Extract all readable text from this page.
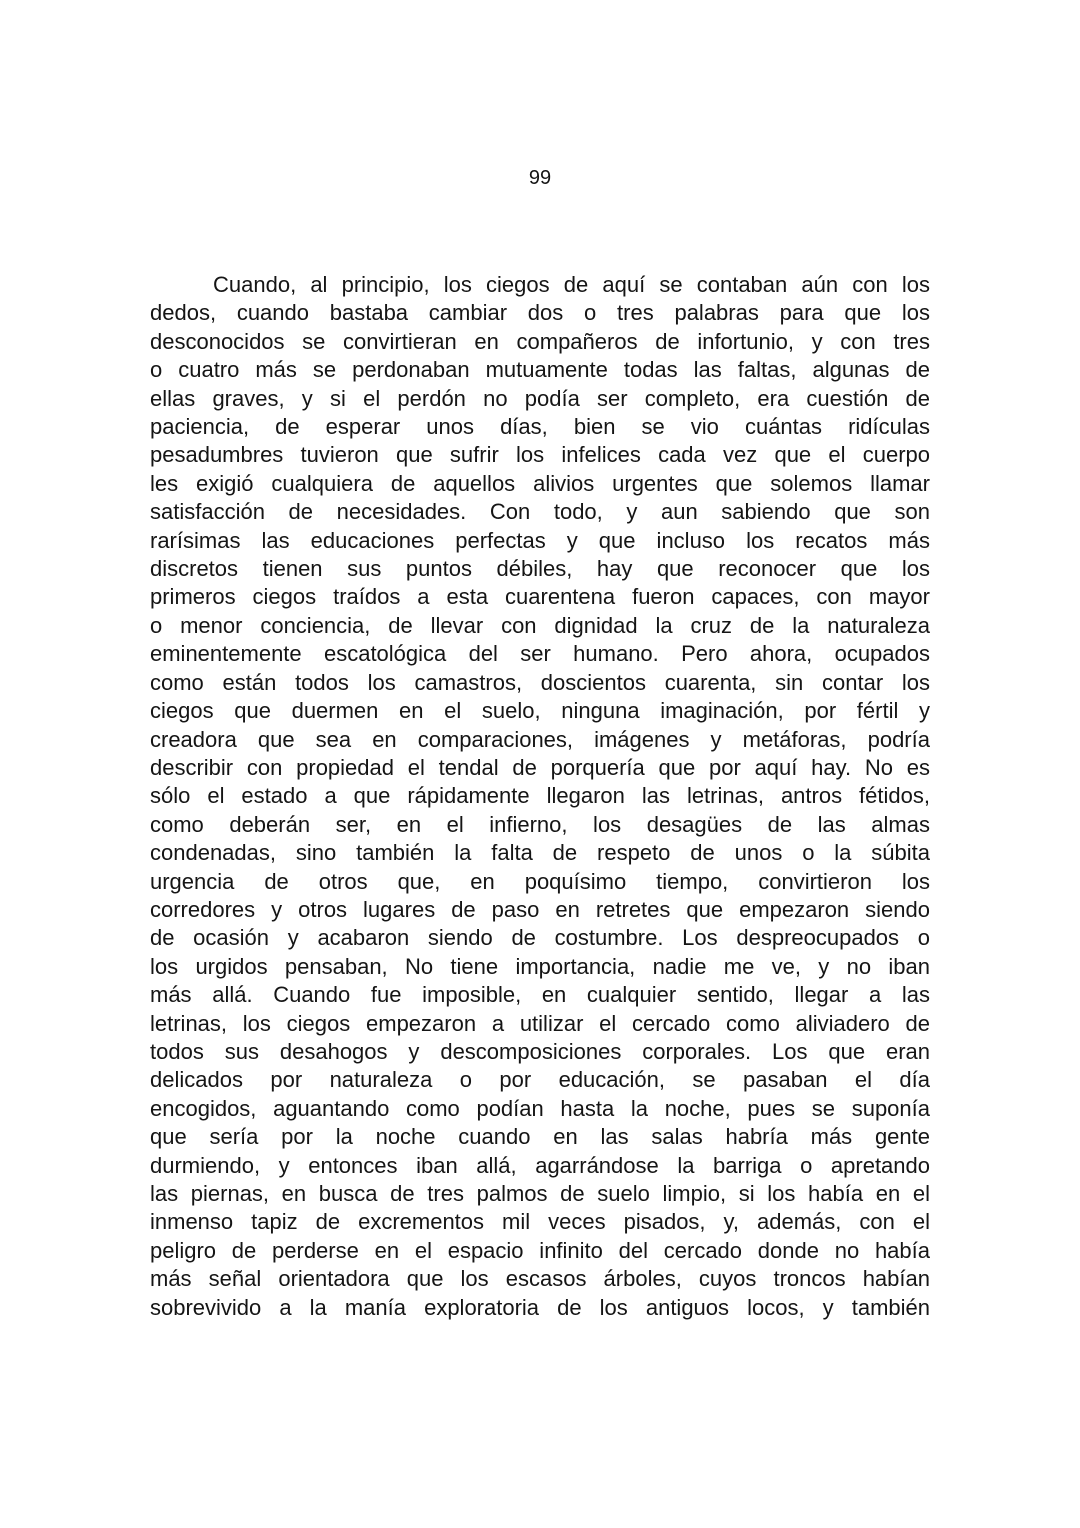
99
Cuando, al principio, los ciegos de aquí se contaban aún con los
dedos, cuando bastaba cambiar dos o tres palabras para que los
desconocidos se convirtieran en compañeros de infortunio, y con tres
o cuatro más se perdonaban mutuamente todas las faltas, algunas de
ellas graves, y si el perdón no podía ser completo, era cuestión de
paciencia, de esperar unos días, bien se vio cuántas ridículas
pesadumbres tuvieron que sufrir los infelices cada vez que el cuerpo
les exigió cualquiera de aquellos alivios urgentes que solemos llamar
satisfacción de necesidades. Con todo, y aun sabiendo que son
rarísimas las educaciones perfectas y que incluso los recatos más
discretos tienen sus puntos débiles, hay que reconocer que los
primeros ciegos traídos a esta cuarentena fueron capaces, con mayor
o menor conciencia, de llevar con dignidad la cruz de la naturaleza
eminentemente escatológica del ser humano. Pero ahora, ocupados
como están todos los camastros, doscientos cuarenta, sin contar los
ciegos que duermen en el suelo, ninguna imaginación, por fértil y
creadora que sea en comparaciones, imágenes y metáforas, podría
describir con propiedad el tendal de porquería que por aquí hay. No es
sólo el estado a que rápidamente llegaron las letrinas, antros fétidos,
como deberán ser, en el infierno, los desagües de las almas
condenadas, sino también la falta de respeto de unos o la súbita
urgencia de otros que, en poquísimo tiempo, convirtieron los
corredores y otros lugares de paso en retretes que empezaron siendo
de ocasión y acabaron siendo de costumbre. Los despreocupados o
los urgidos pensaban, No tiene importancia, nadie me ve, y no iban
más allá. Cuando fue imposible, en cualquier sentido, llegar a las
letrinas, los ciegos empezaron a utilizar el cercado como aliviadero de
todos sus desahogos y descomposiciones corporales. Los que eran
delicados por naturaleza o por educación, se pasaban el día
encogidos, aguantando como podían hasta la noche, pues se suponía
que sería por la noche cuando en las salas habría más gente
durmiendo, y entonces iban allá, agarrándose la barriga o apretando
las piernas, en busca de tres palmos de suelo limpio, si los había en el
inmenso tapiz de excrementos mil veces pisados, y, además, con el
peligro de perderse en el espacio infinito del cercado donde no había
más señal orientadora que los escasos árboles, cuyos troncos habían
sobrevivido a la manía exploratoria de los antiguos locos, y también
